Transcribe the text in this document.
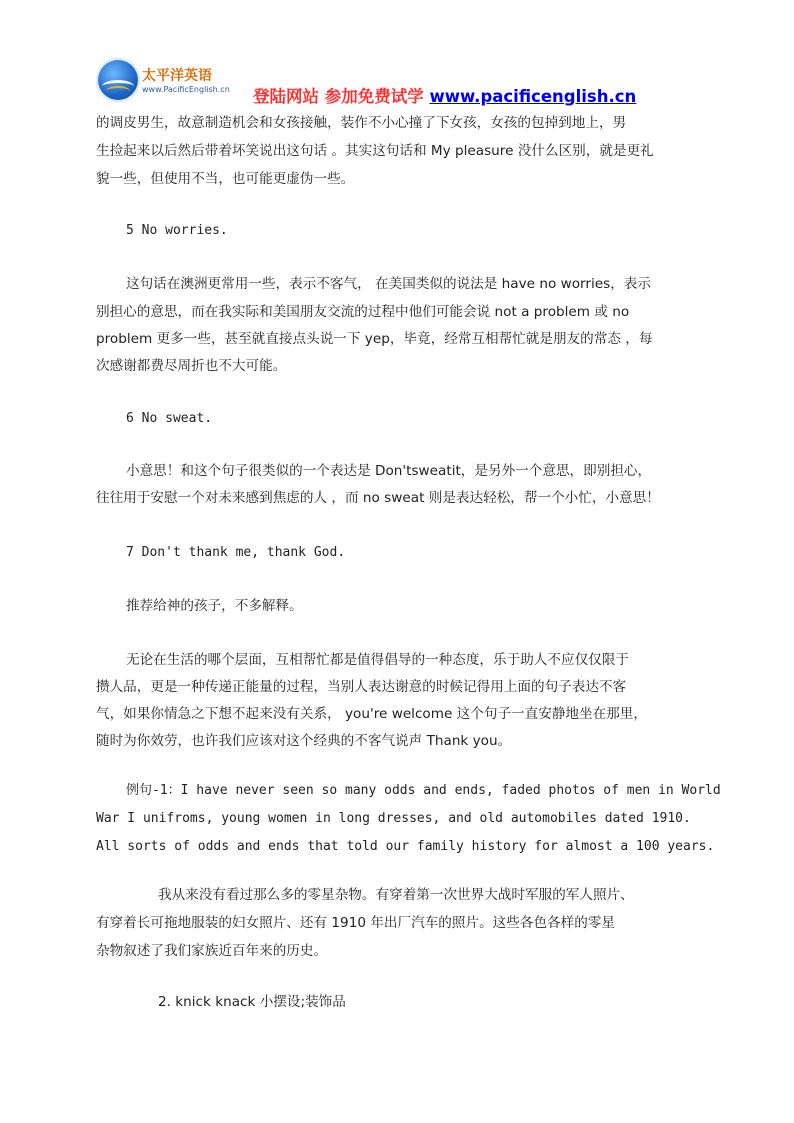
太平洋英语
www.PacificEnglish.cn 登陆网站 参加免费试学 www.pacificenglish.cn
的调皮男生，故意制造机会和女孩接触，装作不小心撞了下女孩，女孩的包掉到地上，男
生捡起来以后然后带着坏笑说出这句话 。其实这句话和 My pleasure 没什么区别，就是更礼
貌一些，但使用不当，也可能更虚伪一些。
5 No worries.
这句话在澳洲更常用一些，表示不客气， 在美国类似的说法是 have no worries，表示
别担心的意思，而在我实际和美国朋友交流的过程中他们可能会说 not a problem 或 no
problem 更多一些，甚至就直接点头说一下 yep，毕竟，经常互相帮忙就是朋友的常态 ，每
次感谢都费尽周折也不大可能。
6 No sweat.
小意思！和这个句子很类似的一个表达是 Don'tsweatit，是另外一个意思，即别担心，
往往用于安慰一个对未来感到焦虑的人 ，而 no sweat 则是表达轻松，帮一个小忙，小意思！
7 Don't thank me, thank God.
推荐给神的孩子，不多解释。
无论在生活的哪个层面，互相帮忙都是值得倡导的一种态度，乐于助人不应仅仅限于
攒人品，更是一种传递正能量的过程，当别人表达谢意的时候记得用上面的句子表达不客
气，如果你情急之下想不起来没有关系， you're welcome 这个句子一直安静地坐在那里，
随时为你效劳，也许我们应该对这个经典的不客气说声 Thank you。
例句-1：I have never seen so many odds and ends, faded photos of men in World
War I unifroms, young women in long dresses, and old automobiles dated 1910.
All sorts of odds and ends that told our family history for almost a 100 years.
我从来没有看过那么多的零星杂物。有穿着第一次世界大战时军服的军人照片、
有穿着长可拖地服装的妇女照片、还有 1910 年出厂汽车的照片。这些各色各样的零星
杂物叙述了我们家族近百年来的历史。
2. knick knack 小摆设;装饰品
